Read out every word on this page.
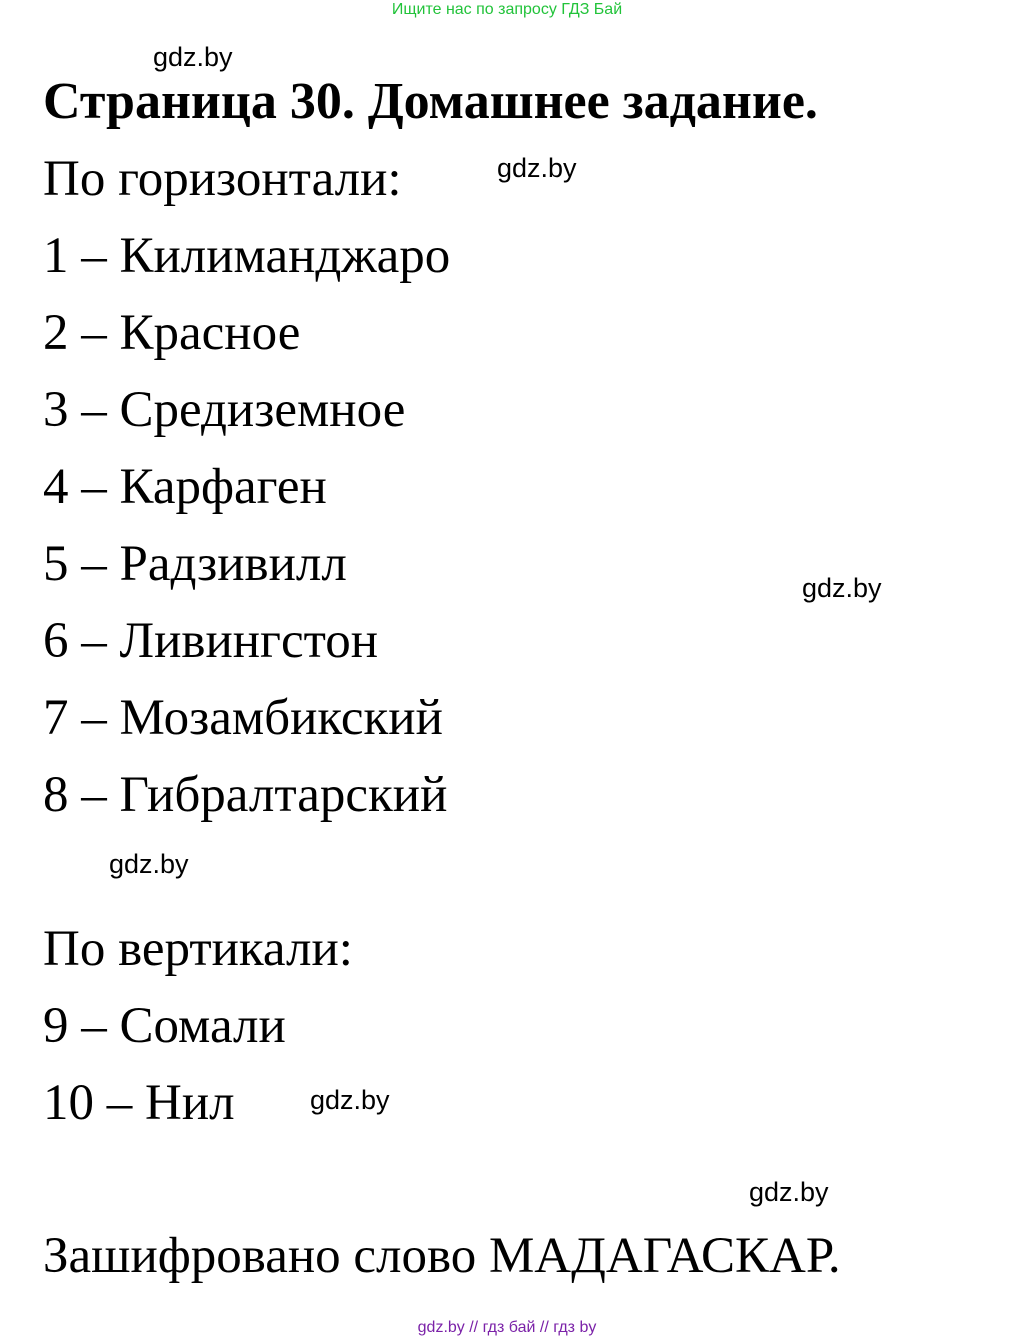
Ищите нас по запросу ГДЗ Бай
gdz.by
Страница 30. Домашнее задание.
По горизонтали:	gdz.by
1 – Килиманджаро
2 – Красное
3 – Средиземное
4 – Карфаген
5 – Радзивилл	gdz.by
6 – Ливингстон
7 – Мозамбикский
8 – Гибралтарский
gdz.by
По вертикали:
9 – Сомали
10 – Нил	gdz.by
gdz.by
Зашифровано слово МАДАГАСКАР.
gdz.by // гдз бай // гдз by
